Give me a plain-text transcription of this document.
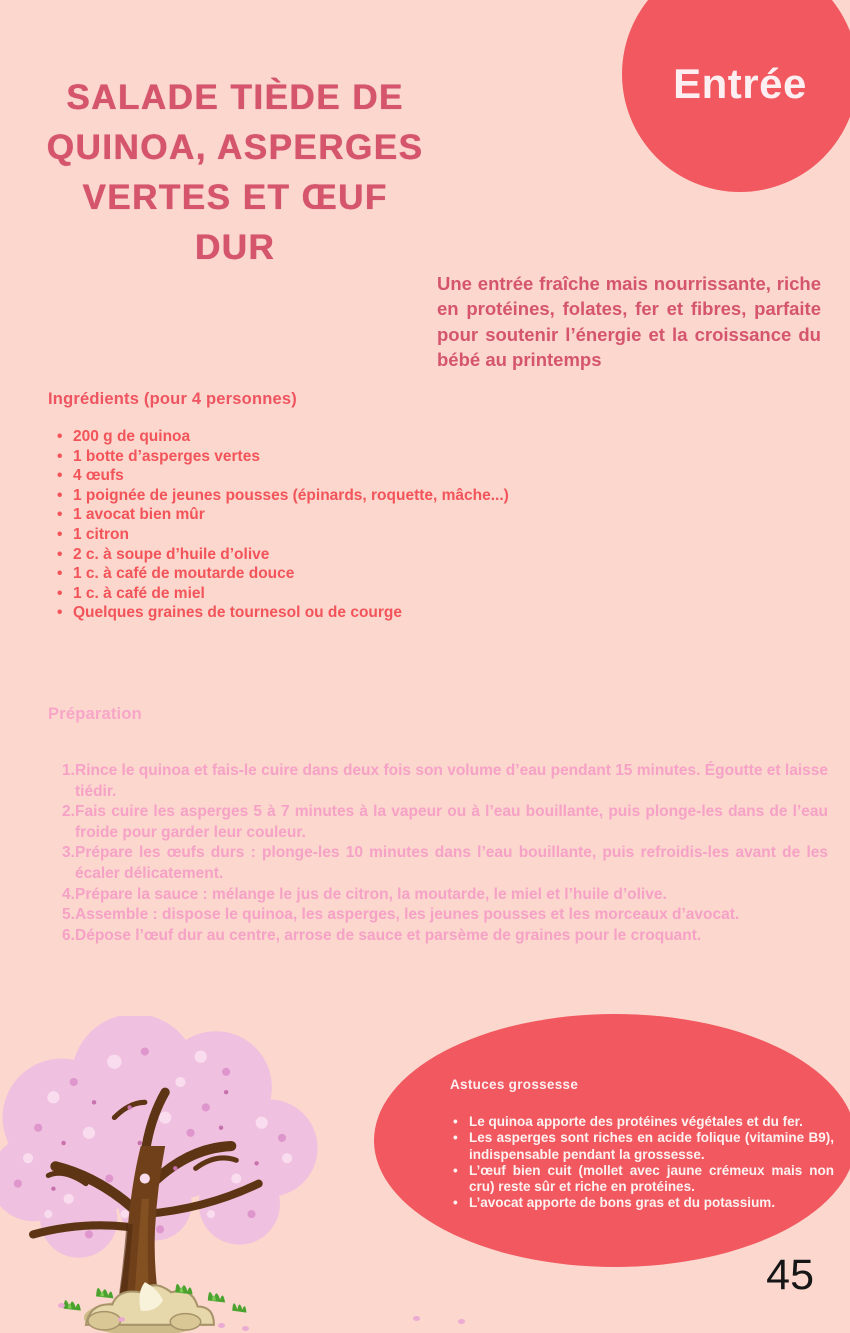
SALADE TIÈDE DE
QUINOA, ASPERGES
VERTES ET ŒUF DUR
Entrée

Une entrée fraîche mais nourrissante, riche en protéines, folates, fer et fibres, parfaite pour soutenir l’énergie et la croissance du bébé au printemps

Ingrédients (pour 4 personnes)
• 200 g de quinoa
• 1 botte d’asperges vertes
• 4 œufs
• 1 poignée de jeunes pousses (épinards, roquette, mâche...)
• 1 avocat bien mûr
• 1 citron
• 2 c. à soupe d’huile d’olive
• 1 c. à café de moutarde douce
• 1 c. à café de miel
• Quelques graines de tournesol ou de courge
Préparation
Rince le quinoa et fais-le cuire dans deux fois son volume d’eau pendant 15 minutes. Égoutte et laisse tiédir.
Fais cuire les asperges 5 à 7 minutes à la vapeur ou à l’eau bouillante, puis plonge-les dans de l’eau froide pour garder leur couleur.
Prépare les œufs durs : plonge-les 10 minutes dans l’eau bouillante, puis refroidis-les avant de les écaler délicatement.
Prépare la sauce : mélange le jus de citron, la moutarde, le miel et l’huile d’olive.
Assemble : dispose le quinoa, les asperges, les jeunes pousses et les morceaux d’avocat.
Dépose l’œuf dur au centre, arrose de sauce et parsème de graines pour le croquant.
Astuces grossesse
• Le quinoa apporte des protéines végétales et du fer.
• Les asperges sont riches en acide folique (vitamine B9), indispensable pendant la grossesse.
• L’œuf bien cuit (mollet avec jaune crémeux mais non cru) reste sûr et riche en protéines.
• L’avocat apporte de bons gras et du potassium.
45
